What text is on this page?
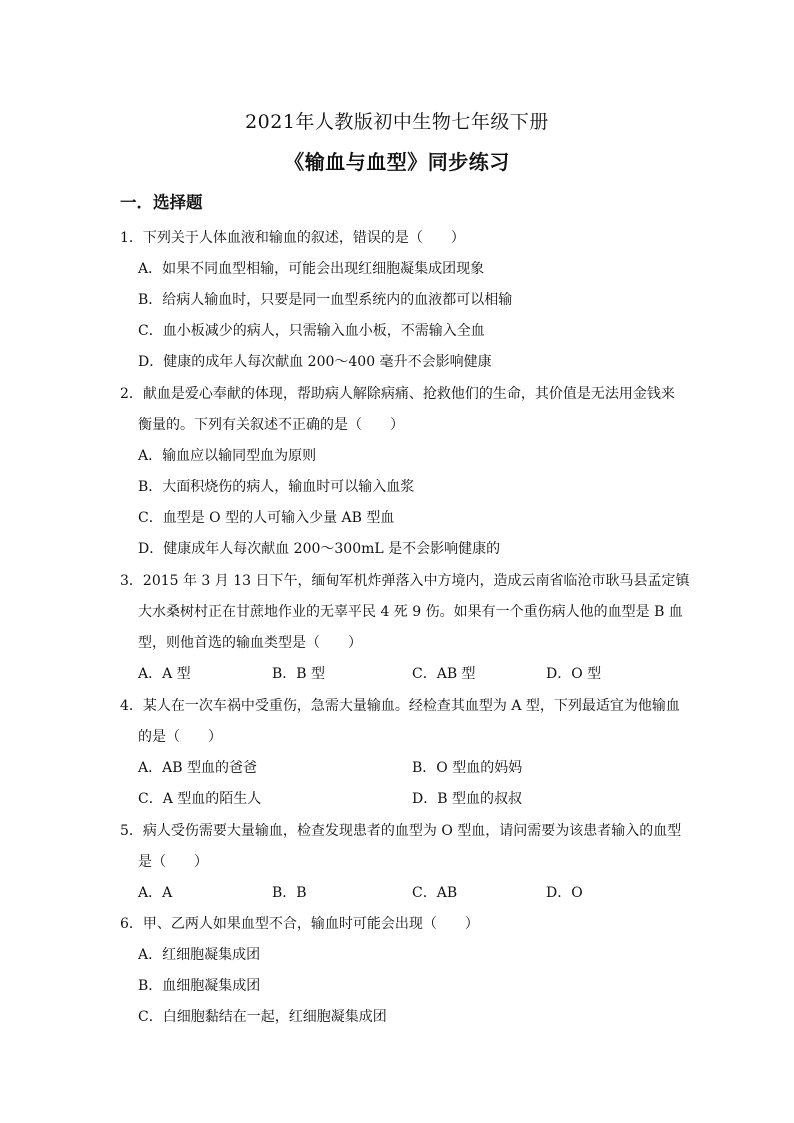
2021年人教版初中生物七年级下册
《输血与血型》同步练习
一．选择题
1．下列关于人体血液和输血的叙述，错误的是（　　）
A．如果不同血型相输，可能会出现红细胞凝集成团现象
B．给病人输血时，只要是同一血型系统内的血液都可以相输
C．血小板减少的病人，只需输入血小板，不需输入全血
D．健康的成年人每次献血 200～400 毫升不会影响健康
2．献血是爱心奉献的体现，帮助病人解除病痛、抢救他们的生命，其价值是无法用金钱来
衡量的。下列有关叙述不正确的是（　　）
A．输血应以输同型血为原则
B．大面积烧伤的病人，输血时可以输入血浆
C．血型是 O 型的人可输入少量 AB 型血
D．健康成年人每次献血 200～300mL 是不会影响健康的
3．2015 年 3 月 13 日下午，缅甸军机炸弹落入中方境内，造成云南省临沧市耿马县孟定镇
大水桑树村正在甘蔗地作业的无辜平民 4 死 9 伤。如果有一个重伤病人他的血型是 B 血
型，则他首选的输血类型是（　　）
A．A 型	B．B 型	C．AB 型	D．O 型
4．某人在一次车祸中受重伤，急需大量输血。经检查其血型为 A 型，下列最适宜为他输血
的是（　　）
A．AB 型血的爸爸	B．O 型血的妈妈
C．A 型血的陌生人	D．B 型血的叔叔
5．病人受伤需要大量输血，检查发现患者的血型为 O 型血，请问需要为该患者输入的血型
是（　　）
A．A	B．B	C．AB	D．O
6．甲、乙两人如果血型不合，输血时可能会出现（　　）
A．红细胞凝集成团
B．血细胞凝集成团
C．白细胞黏结在一起，红细胞凝集成团
